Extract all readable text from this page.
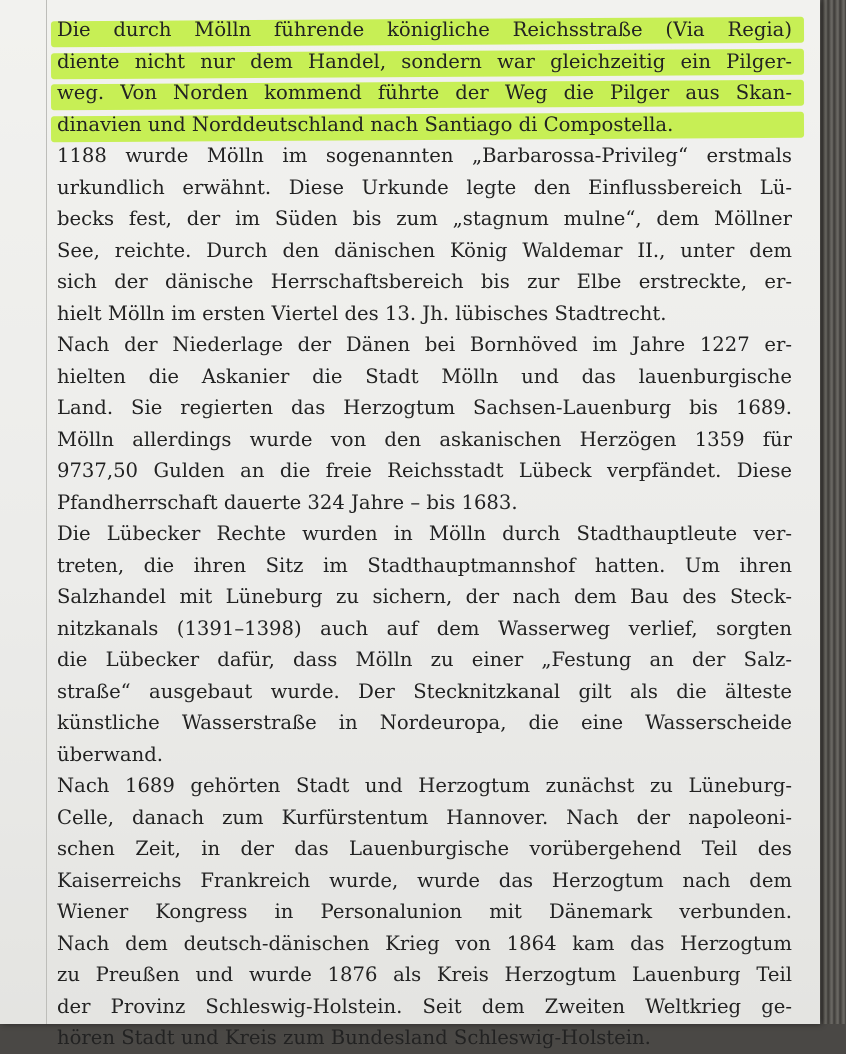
Die durch Mölln führende königliche Reichsstraße (Via Regia)
diente nicht nur dem Handel, sondern war gleichzeitig ein Pilger-
weg. Von Norden kommend führte der Weg die Pilger aus Skan-
dinavien und Norddeutschland nach Santiago di Compostella.
1188 wurde Mölln im sogenannten „Barbarossa-Privileg“ erstmals
urkundlich erwähnt. Diese Urkunde legte den Einflussbereich Lü-
becks fest, der im Süden bis zum „stagnum mulne“, dem Möllner
See, reichte. Durch den dänischen König Waldemar II., unter dem
sich der dänische Herrschaftsbereich bis zur Elbe erstreckte, er-
hielt Mölln im ersten Viertel des 13. Jh. lübisches Stadtrecht.
Nach der Niederlage der Dänen bei Bornhöved im Jahre 1227 er-
hielten die Askanier die Stadt Mölln und das lauenburgische
Land. Sie regierten das Herzogtum Sachsen-Lauenburg bis 1689.
Mölln allerdings wurde von den askanischen Herzögen 1359 für
9737,50 Gulden an die freie Reichsstadt Lübeck verpfändet. Diese
Pfandherrschaft dauerte 324 Jahre – bis 1683.
Die Lübecker Rechte wurden in Mölln durch Stadthauptleute ver-
treten, die ihren Sitz im Stadthauptmannshof hatten. Um ihren
Salzhandel mit Lüneburg zu sichern, der nach dem Bau des Steck-
nitzkanals (1391–1398) auch auf dem Wasserweg verlief, sorgten
die Lübecker dafür, dass Mölln zu einer „Festung an der Salz-
straße“ ausgebaut wurde. Der Stecknitzkanal gilt als die älteste
künstliche Wasserstraße in Nordeuropa, die eine Wasserscheide
überwand.
Nach 1689 gehörten Stadt und Herzogtum zunächst zu Lüneburg-
Celle, danach zum Kurfürstentum Hannover. Nach der napoleoni-
schen Zeit, in der das Lauenburgische vorübergehend Teil des
Kaiserreichs Frankreich wurde, wurde das Herzogtum nach dem
Wiener Kongress in Personalunion mit Dänemark verbunden.
Nach dem deutsch-dänischen Krieg von 1864 kam das Herzogtum
zu Preußen und wurde 1876 als Kreis Herzogtum Lauenburg Teil
der Provinz Schleswig-Holstein. Seit dem Zweiten Weltkrieg ge-
hören Stadt und Kreis zum Bundesland Schleswig-Holstein.
